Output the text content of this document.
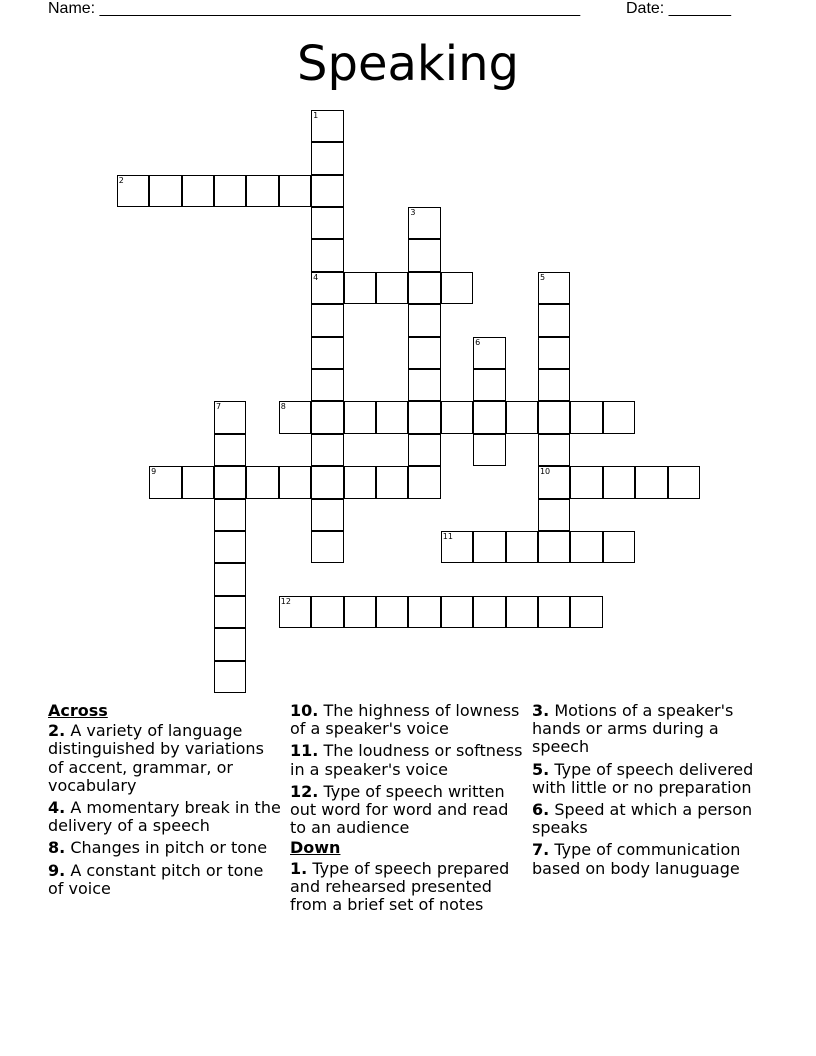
Name: ______________________________________________________	Date: _______
Speaking
1
4
2
3
5
10
6
7	8
9
11
12
Across
2. A variety of language distinguished by variations of accent, grammar, or vocabulary
4. A momentary break in the delivery of a speech
8. Changes in pitch or tone
9. A constant pitch or tone of voice
10. The highness of lowness of a speaker's voice
11. The loudness or softness in a speaker's voice
12. Type of speech written out word for word and read to an audience
Down
1. Type of speech prepared and rehearsed presented from a brief set of notes
3. Motions of a speaker's hands or arms during a speech
5. Type of speech delivered with little or no preparation
6. Speed at which a person speaks
7. Type of communication based on body lanuguage
